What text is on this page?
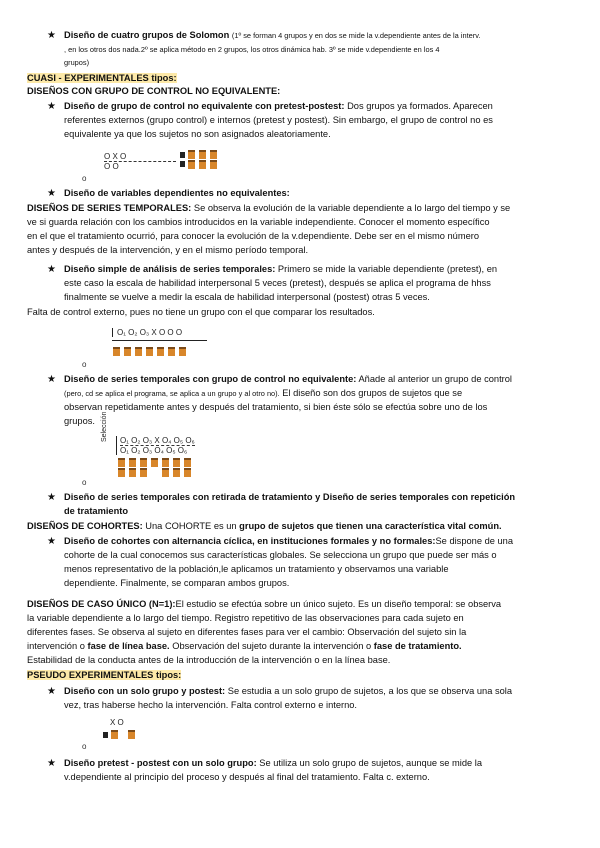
★ Diseño de cuatro grupos de Solomon (1º se forman 4 grupos y en dos se mide la v.dependiente antes de la interv.
, en los otros dos nada.2º se aplica método en 2 grupos, los otros dinámica hab. 3º se mide v.dependiente en los 4
grupos)
CUASI - EXPERIMENTALES tipos:
DISEÑOS CON GRUPO DE CONTROL NO EQUIVALENTE:
★ Diseño de grupo de control no equivalente con pretest-postest: Dos grupos ya formados. Aparecen
referentes externos (grupo control) e internos (pretest y postest). Sin embargo, el grupo de control no es
equivalente ya que los sujetos no son asignados aleatoriamente.
O X O
O O

o
★ Diseño de variables dependientes no equivalentes:
DISEÑOS DE SERIES TEMPORALES: Se observa la evolución de la variable dependiente a lo largo del tiempo y se
ve si guarda relación con los cambios introducidos en la variable independiente. Conocer el momento específico
en el que el tratamiento ocurrió, para conocer la evolución de la v.dependiente. Debe ser en el mismo número
antes y después de la intervención, y en el mismo período temporal.
★ Diseño simple de análisis de series temporales: Primero se mide la variable dependiente (pretest), en
este caso la escala de habilidad interpersonal 5 veces (pretest), después se aplica el programa de hhss
finalmente se vuelve a medir la escala de habilidad interpersonal (postest) otras 5 veces.
Falta de control externo, pues no tiene un grupo con el que comparar los resultados.
O₁ O₂ O₃ X O O O
o
★ Diseño de series temporales con grupo de control no equivalente: Añade al anterior un grupo de control
(pero, cd se aplica el programa, se aplica a un grupo y al otro no). El diseño son dos grupos de sujetos que se
observan repetidamente antes y después del tratamiento, si bien éste sólo se efectúa sobre uno de los
grupos. Selección O₁ O₂ O₃ X O₄ O₅ O₆
O₁ O₂ O₃ O₄ O₅ O₆

o
★ Diseño de series temporales con retirada de tratamiento y Diseño de series temporales con repetición
de tratamiento
DISEÑOS DE COHORTES: Una COHORTE es un grupo de sujetos que tienen una característica vital común.
★ Diseño de cohortes con alternancia cíclica, en instituciones formales y no formales:Se dispone de una
cohorte de la cual conocemos sus características globales. Se selecciona un grupo que puede ser más o
menos representativo de la población,le aplicamos un tratamiento y observamos una variable
dependiente. Finalmente, se comparan ambos grupos.
DISEÑOS DE CASO ÚNICO (N=1):El estudio se efectúa sobre un único sujeto. Es un diseño temporal: se observa
la variable dependiente a lo largo del tiempo. Registro repetitivo de las observaciones para cada sujeto en
diferentes fases. Se observa al sujeto en diferentes fases para ver el cambio: Observación del sujeto sin la
intervención o fase de línea base. Observación del sujeto durante la intervención o fase de tratamiento.
Estabilidad de la conducta antes de la introducción de la intervención o en la línea base.
PSEUDO EXPERIMENTALES tipos:
★ Diseño con un solo grupo y postest: Se estudia a un solo grupo de sujetos, a los que se observa una sola
vez, tras haberse hecho la intervención. Falta control externo e interno.
X O
o
★ Diseño pretest - postest con un solo grupo: Se utiliza un solo grupo de sujetos, aunque se mide la
v.dependiente al principio del proceso y después al final del tratamiento. Falta c. externo.
